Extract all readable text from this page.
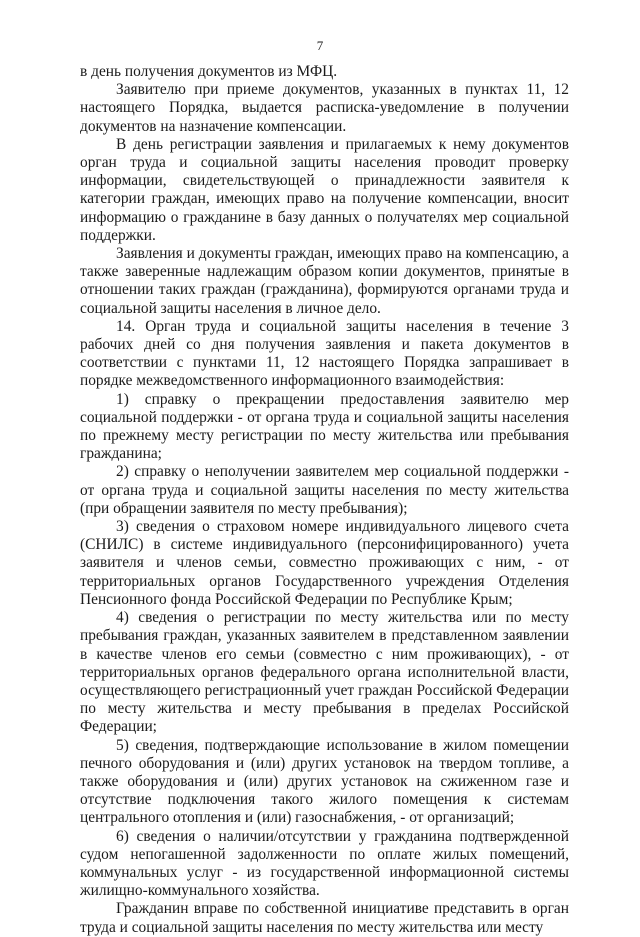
7

в день получения документов из МФЦ.

Заявителю при приеме документов, указанных в пунктах 11, 12 настоящего Порядка, выдается расписка-уведомление в получении документов на назначение компенсации.

В день регистрации заявления и прилагаемых к нему документов орган труда и социальной защиты населения проводит проверку информации, свидетельствующей о принадлежности заявителя к категории граждан, имеющих право на получение компенсации, вносит информацию о гражданине в базу данных о получателях мер социальной поддержки.

Заявления и документы граждан, имеющих право на компенсацию, а также заверенные надлежащим образом копии документов, принятые в отношении таких граждан (гражданина), формируются органами труда и социальной защиты населения в личное дело.

14. Орган труда и социальной защиты населения в течение 3 рабочих дней со дня получения заявления и пакета документов в соответствии с пунктами 11, 12 настоящего Порядка запрашивает в порядке межведомственного информационного взаимодействия:

1) справку о прекращении предоставления заявителю мер социальной поддержки - от органа труда и социальной защиты населения по прежнему месту регистрации по месту жительства или пребывания гражданина;

2) справку о неполучении заявителем мер социальной поддержки - от органа труда и социальной защиты населения по месту жительства (при обращении заявителя по месту пребывания);

3) сведения о страховом номере индивидуального лицевого счета (СНИЛС) в системе индивидуального (персонифицированного) учета заявителя и членов семьи, совместно проживающих с ним, - от территориальных органов Государственного учреждения Отделения Пенсионного фонда Российской Федерации по Республике Крым;

4) сведения о регистрации по месту жительства или по месту пребывания граждан, указанных заявителем в представленном заявлении в качестве членов его семьи (совместно с ним проживающих), - от территориальных органов федерального органа исполнительной власти, осуществляющего регистрационный учет граждан Российской Федерации по месту жительства и месту пребывания в пределах Российской Федерации;

5) сведения, подтверждающие использование в жилом помещении печного оборудования и (или) других установок на твердом топливе, а также оборудования и (или) других установок на сжиженном газе и отсутствие подключения такого жилого помещения к системам центрального отопления и (или) газоснабжения, - от организаций;

6) сведения о наличии/отсутствии у гражданина подтвержденной судом непогашенной задолженности по оплате жилых помещений, коммунальных услуг - из государственной информационной системы жилищно-коммунального хозяйства.

Гражданин вправе по собственной инициативе представить в орган труда и социальной защиты населения по месту жительства или месту
